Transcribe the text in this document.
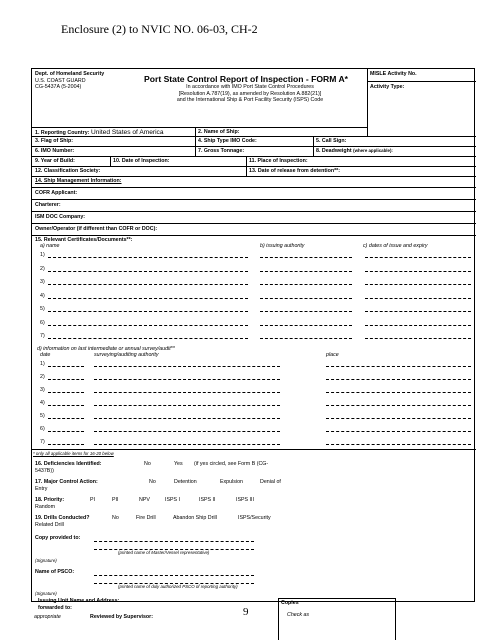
Enclosure (2) to NVIC NO. 06-03, CH-2
Dept. of Homeland Security
U.S. COAST GUARD
CG-5437A (5-2004)
Port State Control Report of Inspection - FORM A*
In accordance with IMO Port State Control Procedures
[Resolution A.787(19), as amended by Resolution A.882(21)]
and the International Ship & Port Facility Security (ISPS) Code
MISLE Activity No.
Activity Type:
1. Reporting Country: United States of America	2. Name of Ship:
3. Flag of Ship:	4. Ship Type IMO Code:	5. Call Sign:
6. IMO Number:	7. Gross Tonnage:	8. Deadweight (where applicable):
9. Year of Build:	10. Date of Inspection:	11. Place of Inspection:
12. Classification Society:	13. Date of release from detention**:
14. Ship Management Information:
COFR Applicant:
Charterer:
ISM DOC Company:
Owner/Operator (if different than COFR or DOC):
15. Relevant Certificates/Documents**:
a) name	b) issuing authority	c) dates of issue and expiry
1)
2)
3)
4)
5)
6)
7)
d) information on last intermediate or annual survey/audit**
date	surveying/auditing authority	place
1)
2)
3)
4)
5)
6)
7)
* only all applicable items for 16-20 below
16. Deficiencies Identified:	No	Yes (if yes circled, see Form B (CG-
5437B))
17. Major Control Action:	No	Detention	Expulsion	Denial of
Entry
18. Priority:	PI	PII	NPV	ISPS I	ISPS II	ISPS III
Random
19. Drills Conducted?	No	Fire Drill	Abandon Ship Drill	ISPS/Security
Related Drill
Copy provided to:
(printed name of Master/Vessel representative)
(Signature)
Name of PSCO:
(printed name of duly authorized PSCO of reporting authority)
(Signature)
Issuing Unit Name and Address:
forwarded to:
appropriate	Reviewed by Supervisor:
Copies
Check as
9
